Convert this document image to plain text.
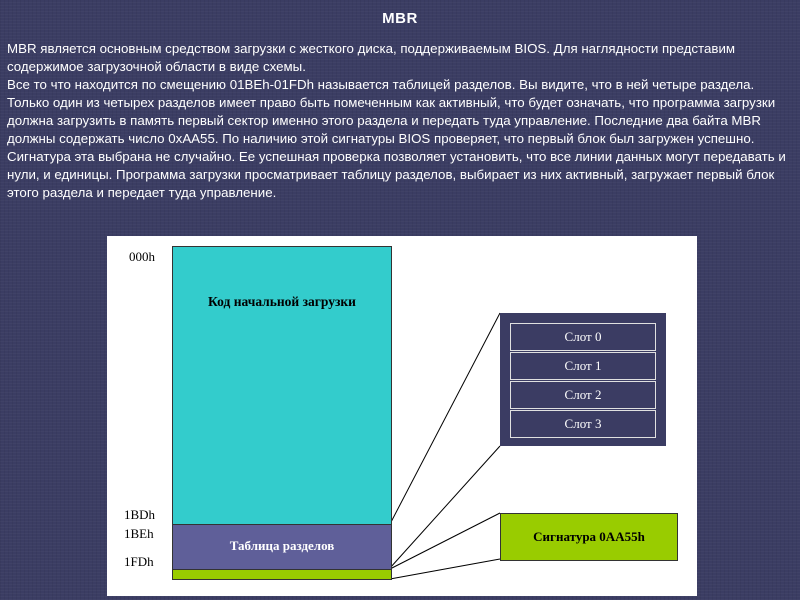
MBR

MBR является основным средством загрузки с жесткого диска, поддерживаемым BIOS. Для наглядности представим содержимое загрузочной области в виде схемы.

Все то что находится по смещению 01BEh-01FDh называется таблицей разделов. Вы видите, что в ней четыре раздела. Только один из четырех разделов имеет право быть помеченным как активный, что будет означать, что программа загрузки должна загрузить в память первый сектор именно этого раздела и передать туда управление. Последние два байта MBR должны содержать число 0xAA55. По наличию этой сигнатуры BIOS проверяет, что первый блок был загружен успешно. Сигнатура эта выбрана не случайно. Ее успешная проверка позволяет установить, что все линии данных могут передавать и нули, и единицы. Программа загрузки просматривает таблицу разделов, выбирает из них активный, загружает первый блок этого раздела и передает туда управление.

000h
1BDh
1BEh
1FDh
Код начальной загрузки
Таблица разделов
Слот 0
Слот 1
Слот 2
Слот 3
Сигнатура 0AA55h
